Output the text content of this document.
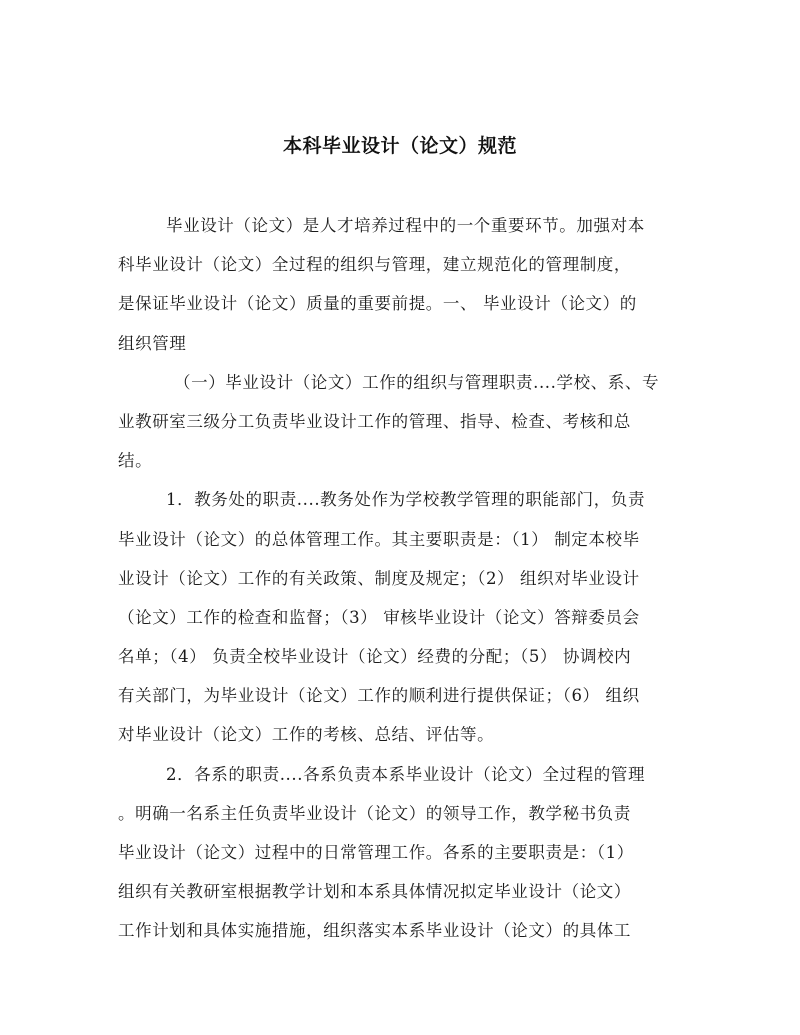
本科毕业设计（论文）规范

毕业设计（论文）是人才培养过程中的一个重要环节。加强对本
科毕业设计（论文）全过程的组织与管理，建立规范化的管理制度，
是保证毕业设计（论文）质量的重要前提。一、 毕业设计（论文）的
组织管理

（一）毕业设计（论文）工作的组织与管理职责....学校、系、专
业教研室三级分工负责毕业设计工作的管理、指导、检查、考核和总
结。

1．教务处的职责....教务处作为学校教学管理的职能部门，负责
毕业设计（论文）的总体管理工作。其主要职责是：（1） 制定本校毕
业设计（论文）工作的有关政策、制度及规定；（2） 组织对毕业设计
（论文）工作的检查和监督；（3） 审核毕业设计（论文）答辩委员会
名单；（4） 负责全校毕业设计（论文）经费的分配；（5） 协调校内
有关部门，为毕业设计（论文）工作的顺利进行提供保证；（6） 组织
对毕业设计（论文）工作的考核、总结、评估等。

2．各系的职责....各系负责本系毕业设计（论文）全过程的管理
。明确一名系主任负责毕业设计（论文）的领导工作，教学秘书负责
毕业设计（论文）过程中的日常管理工作。各系的主要职责是：（1）
组织有关教研室根据教学计划和本系具体情况拟定毕业设计（论文）
工作计划和具体实施措施，组织落实本系毕业设计（论文）的具体工
